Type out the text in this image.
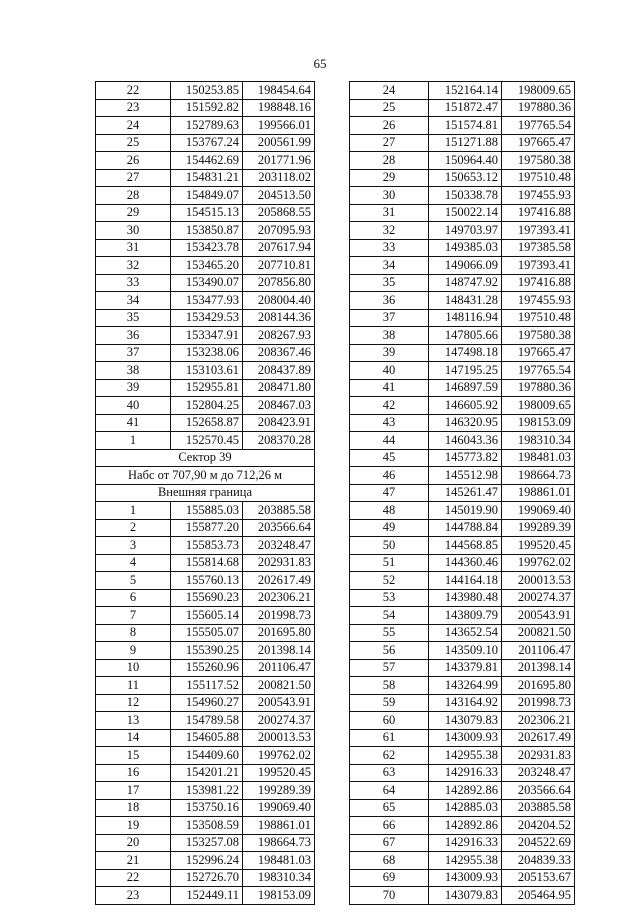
65
22	150253.85	198454.64
23	151592.82	198848.16
24	152789.63	199566.01
25	153767.24	200561.99
26	154462.69	201771.96
27	154831.21	203118.02
28	154849.07	204513.50
29	154515.13	205868.55
30	153850.87	207095.93
31	153423.78	207617.94
32	153465.20	207710.81
33	153490.07	207856.80
34	153477.93	208004.40
35	153429.53	208144.36
36	153347.91	208267.93
37	153238.06	208367.46
38	153103.61	208437.89
39	152955.81	208471.80
40	152804.25	208467.03
41	152658.87	208423.91
1	152570.45	208370.28
Сектор 39		
Набс от 707,90 м до 712,26 м		
Внешняя граница		
1	155885.03	203885.58
2	155877.20	203566.64
3	155853.73	203248.47
4	155814.68	202931.83
5	155760.13	202617.49
6	155690.23	202306.21
7	155605.14	201998.73
8	155505.07	201695.80
9	155390.25	201398.14
10	155260.96	201106.47
11	155117.52	200821.50
12	154960.27	200543.91
13	154789.58	200274.37
14	154605.88	200013.53
15	154409.60	199762.02
16	154201.21	199520.45
17	153981.22	199289.39
18	153750.16	199069.40
19	153508.59	198861.01
20	153257.08	198664.73
21	152996.24	198481.03
22	152726.70	198310.34
23	152449.11	198153.09
24	152164.14	198009.65
25	151872.47	197880.36
26	151574.81	197765.54
27	151271.88	197665.47
28	150964.40	197580.38
29	150653.12	197510.48
30	150338.78	197455.93
31	150022.14	197416.88
32	149703.97	197393.41
33	149385.03	197385.58
34	149066.09	197393.41
35	148747.92	197416.88
36	148431.28	197455.93
37	148116.94	197510.48
38	147805.66	197580.38
39	147498.18	197665.47
40	147195.25	197765.54
41	146897.59	197880.36
42	146605.92	198009.65
43	146320.95	198153.09
44	146043.36	198310.34
45	145773.82	198481.03
46	145512.98	198664.73
47	145261.47	198861.01
48	145019.90	199069.40
49	144788.84	199289.39
50	144568.85	199520.45
51	144360.46	199762.02
52	144164.18	200013.53
53	143980.48	200274.37
54	143809.79	200543.91
55	143652.54	200821.50
56	143509.10	201106.47
57	143379.81	201398.14
58	143264.99	201695.80
59	143164.92	201998.73
60	143079.83	202306.21
61	143009.93	202617.49
62	142955.38	202931.83
63	142916.33	203248.47
64	142892.86	203566.64
65	142885.03	203885.58
66	142892.86	204204.52
67	142916.33	204522.69
68	142955.38	204839.33
69	143009.93	205153.67
70	143079.83	205464.95
